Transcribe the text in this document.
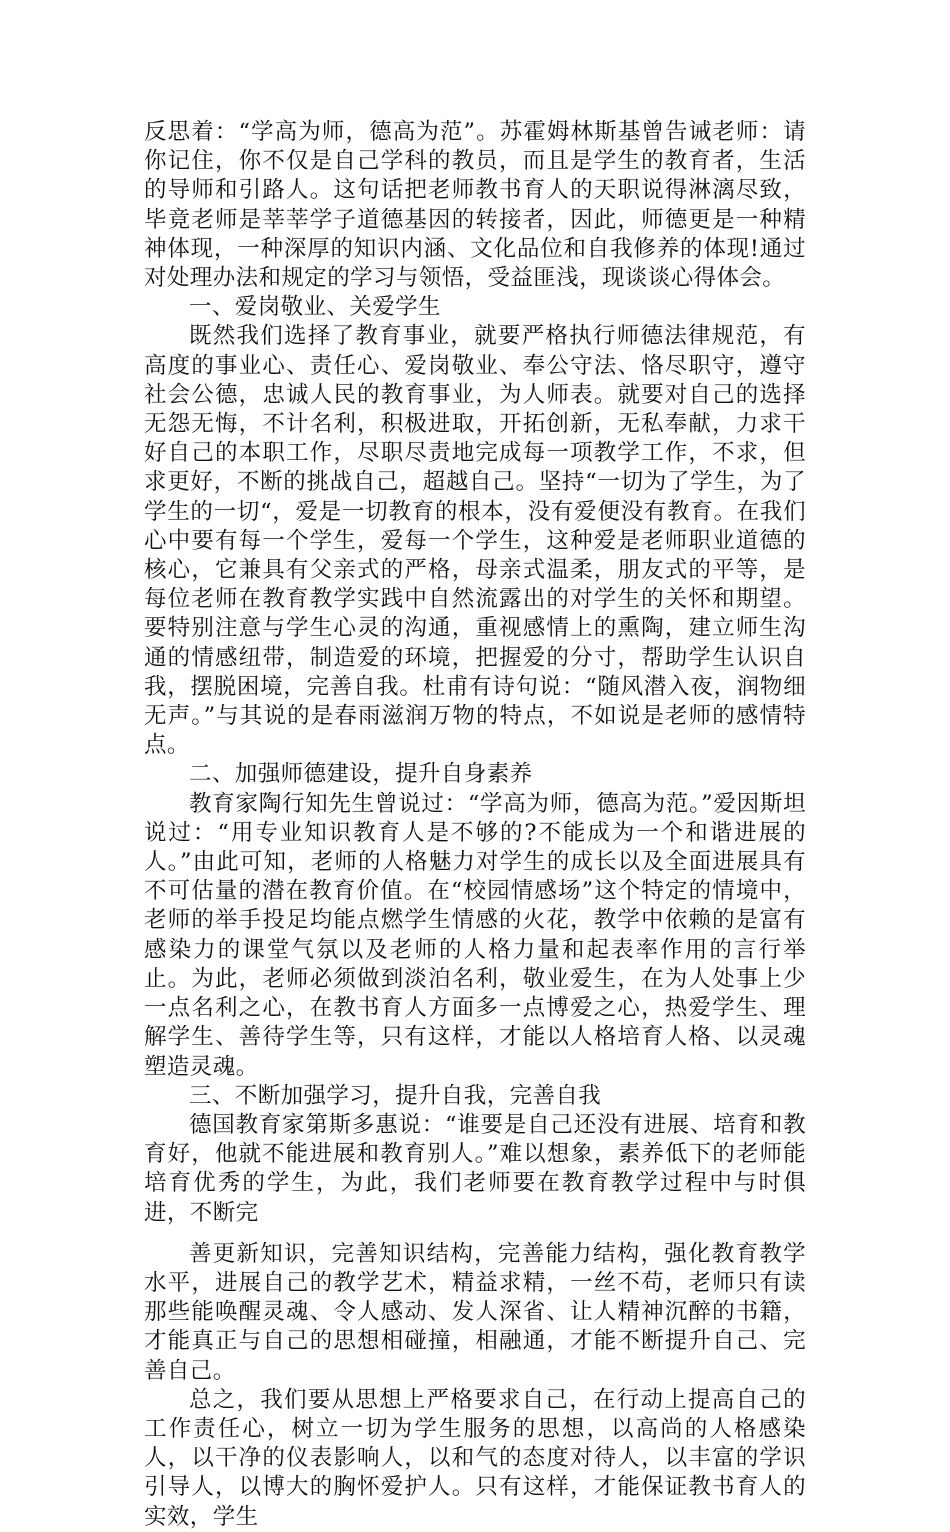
反思着：“学高为师，德高为范”。苏霍姆林斯基曾告诫老师：请你记住，你不仅是自己学科的教员，而且是学生的教育者，生活的导师和引路人。这句话把老师教书育人的天职说得淋漓尽致，毕竟老师是莘莘学子道德基因的转接者，因此，师德更是一种精神体现，一种深厚的知识内涵、文化品位和自我修养的体现!通过对处理办法和规定的学习与领悟，受益匪浅，现谈谈心得体会。

一、爱岗敬业、关爱学生

既然我们选择了教育事业，就要严格执行师德法律规范，有高度的事业心、责任心、爱岗敬业、奉公守法、恪尽职守，遵守社会公德，忠诚人民的教育事业，为人师表。就要对自己的选择无怨无悔，不计名利，积极进取，开拓创新，无私奉献，力求干好自己的本职工作，尽职尽责地完成每一项教学工作，不求，但求更好，不断的挑战自己，超越自己。坚持“一切为了学生，为了学生的一切“，爱是一切教育的根本，没有爱便没有教育。在我们心中要有每一个学生，爱每一个学生，这种爱是老师职业道德的核心，它兼具有父亲式的严格，母亲式温柔，朋友式的平等，是每位老师在教育教学实践中自然流露出的对学生的关怀和期望。要特别注意与学生心灵的沟通，重视感情上的熏陶，建立师生沟通的情感纽带，制造爱的环境，把握爱的分寸，帮助学生认识自我，摆脱困境，完善自我。杜甫有诗句说：“随风潜入夜，润物细无声。”与其说的是春雨滋润万物的特点，不如说是老师的感情特点。

二、加强师德建设，提升自身素养

教育家陶行知先生曾说过：“学高为师，德高为范。”爱因斯坦说过：“用专业知识教育人是不够的?不能成为一个和谐进展的人。”由此可知，老师的人格魅力对学生的成长以及全面进展具有不可估量的潜在教育价值。在“校园情感场”这个特定的情境中，老师的举手投足均能点燃学生情感的火花，教学中依赖的是富有感染力的课堂气氛以及老师的人格力量和起表率作用的言行举止。为此，老师必须做到淡泊名利，敬业爱生，在为人处事上少一点名利之心，在教书育人方面多一点博爱之心，热爱学生、理解学生、善待学生等，只有这样，才能以人格培育人格、以灵魂塑造灵魂。

三、不断加强学习，提升自我，完善自我

德国教育家第斯多惠说：“谁要是自己还没有进展、培育和教育好，他就不能进展和教育别人。”难以想象，素养低下的老师能培育优秀的学生，为此，我们老师要在教育教学过程中与时俱进，不断完

善更新知识，完善知识结构，完善能力结构，强化教育教学水平，进展自己的教学艺术，精益求精，一丝不苟，老师只有读那些能唤醒灵魂、令人感动、发人深省、让人精神沉醉的书籍，才能真正与自己的思想相碰撞，相融通，才能不断提升自己、完善自己。

总之，我们要从思想上严格要求自己，在行动上提高自己的工作责任心，树立一切为学生服务的思想，以高尚的人格感染人，以干净的仪表影响人，以和气的态度对待人，以丰富的学识引导人，以博大的胸怀爱护人。只有这样，才能保证教书育人的实效，学生
